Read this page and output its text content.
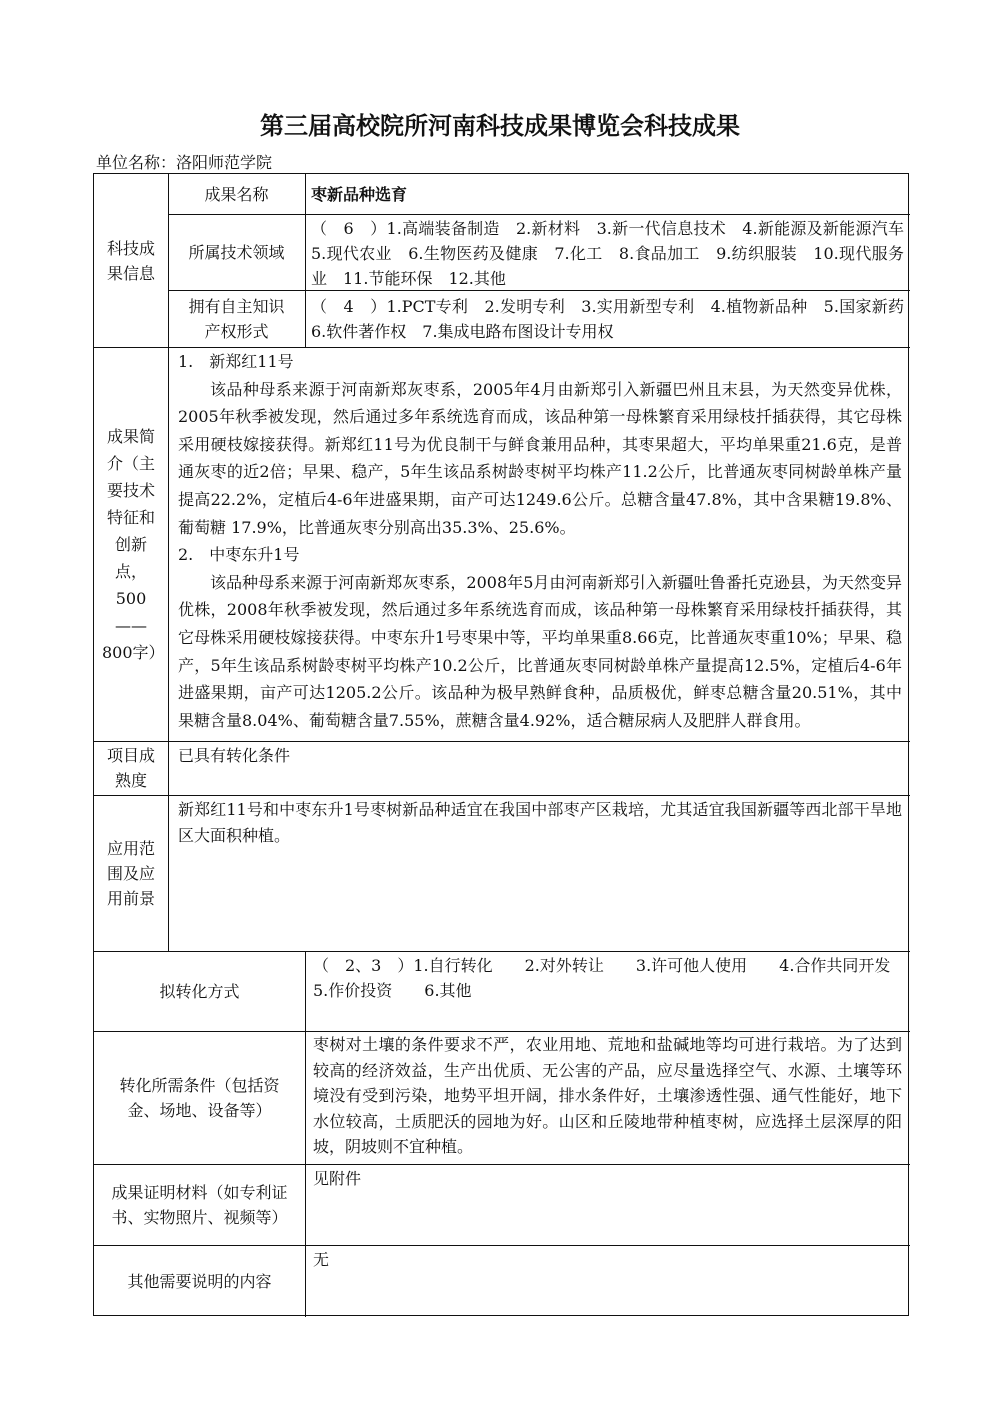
第三届高校院所河南科技成果博览会科技成果
单位名称：洛阳师范学院
科技成果信息
成果名称	枣新品种选育
所属技术领域
（　6　）1.高端装备制造　2.新材料　3.新一代信息技术　4.新能源及新能源汽车　5.现代农业　6.生物医药及健康　7.化工　8.食品加工　9.纺织服装　10.现代服务业　11.节能环保　12.其他
拥有自主知识产权形式
（　4　）1.PCT专利　2.发明专利　3.实用新型专利　4.植物新品种　5.国家新药　6.软件著作权　7.集成电路布图设计专用权
成果简介（主要技术特征和创新点，500——800字）

1.　新郑红11号

该品种母系来源于河南新郑灰枣系，2005年4月由新郑引入新疆巴州且末县，为天然变异优株，2005年秋季被发现，然后通过多年系统选育而成，该品种第一母株繁育采用绿枝扦插获得，其它母株采用硬枝嫁接获得。新郑红11号为优良制干与鲜食兼用品种，其枣果超大，平均单果重21.6克，是普通灰枣的近2倍；早果、稳产，5年生该品系树龄枣树平均株产11.2公斤，比普通灰枣同树龄单株产量提高22.2%，定植后4-6年进盛果期，亩产可达1249.6公斤。总糖含量47.8%，其中含果糖19.8%、葡萄糖 17.9%，比普通灰枣分别高出35.3%、25.6%。

2.　中枣东升1号

该品种母系来源于河南新郑灰枣系，2008年5月由河南新郑引入新疆吐鲁番托克逊县，为天然变异优株，2008年秋季被发现，然后通过多年系统选育而成，该品种第一母株繁育采用绿枝扦插获得，其它母株采用硬枝嫁接获得。中枣东升1号枣果中等，平均单果重8.66克，比普通灰枣重10%；早果、稳产，5年生该品系树龄枣树平均株产10.2公斤，比普通灰枣同树龄单株产量提高12.5%，定植后4-6年进盛果期，亩产可达1205.2公斤。该品种为极早熟鲜食种，品质极优，鲜枣总糖含量20.51%，其中果糖含量8.04%、葡萄糖含量7.55%，蔗糖含量4.92%，适合糖尿病人及肥胖人群食用。

项目成熟度
已具有转化条件
应用范围及应用前景
新郑红11号和中枣东升1号枣树新品种适宜在我国中部枣产区栽培，尤其适宜我国新疆等西北部干旱地区大面积种植。
拟转化方式
（　2、3　）1.自行转化　　2.对外转让　　3.许可他人使用　　4.合作共同开发
5.作价投资　　6.其他
转化所需条件（包括资金、场地、设备等）
枣树对土壤的条件要求不严，农业用地、荒地和盐碱地等均可进行栽培。为了达到较高的经济效益，生产出优质、无公害的产品，应尽量选择空气、水源、土壤等环境没有受到污染，地势平坦开阔，排水条件好，土壤渗透性强、通气性能好，地下水位较高，土质肥沃的园地为好。山区和丘陵地带种植枣树，应选择土层深厚的阳坡，阴坡则不宜种植。
成果证明材料（如专利证书、实物照片、视频等）
见附件
其他需要说明的内容
无
